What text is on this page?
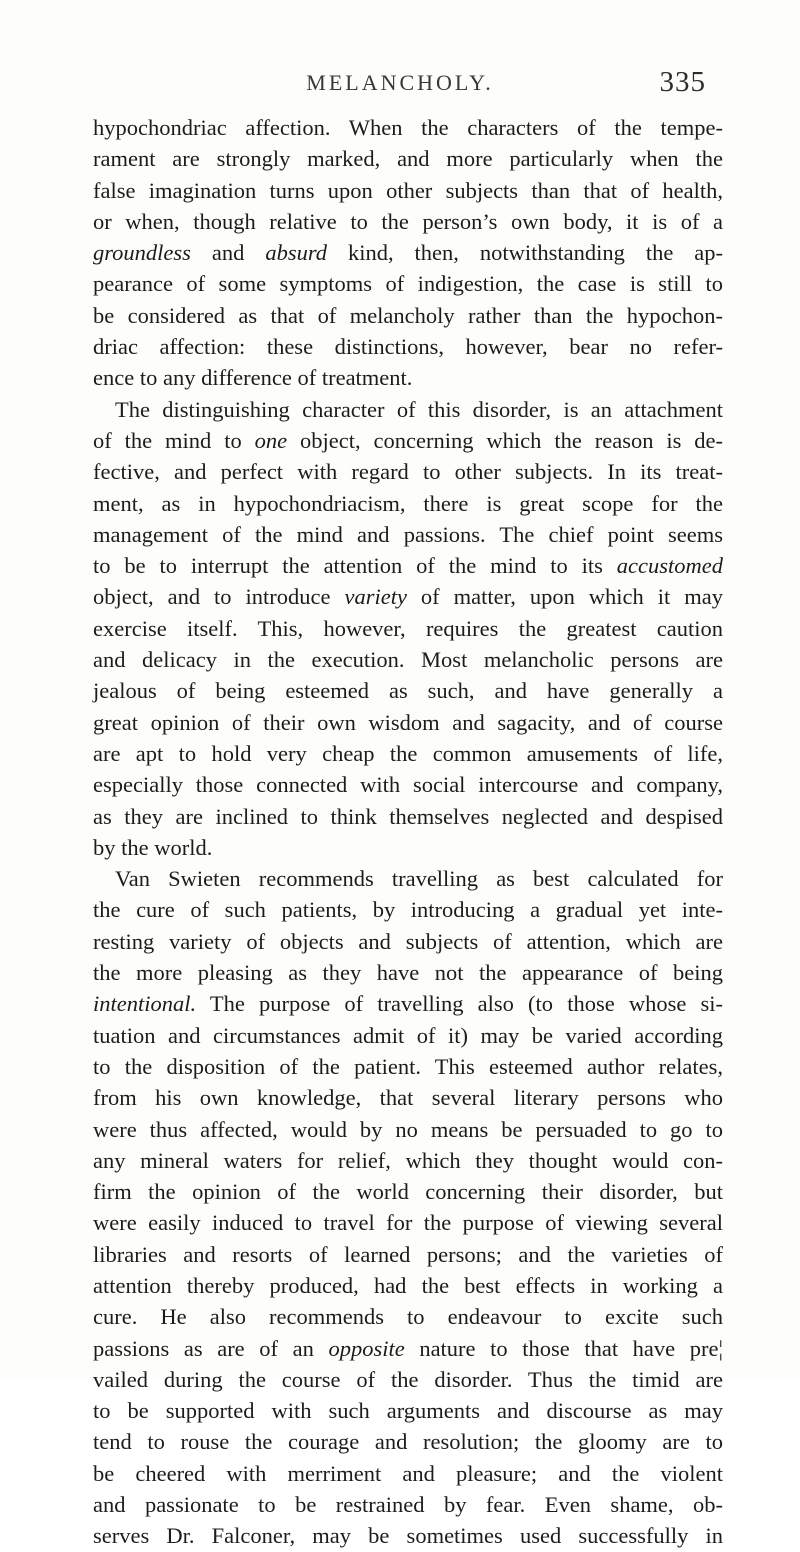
MELANCHOLY.	335
hypochondriac affection. When the characters of the tempe-
rament are strongly marked, and more particularly when the
false imagination turns upon other subjects than that of health,
or when, though relative to the person’s own body, it is of a
groundless and absurd kind, then, notwithstanding the ap-
pearance of some symptoms of indigestion, the case is still to
be considered as that of melancholy rather than the hypochon-
driac affection: these distinctions, however, bear no refer-
ence to any difference of treatment.
The distinguishing character of this disorder, is an attachment
of the mind to one object, concerning which the reason is de-
fective, and perfect with regard to other subjects. In its treat-
ment, as in hypochondriacism, there is great scope for the
management of the mind and passions. The chief point seems
to be to interrupt the attention of the mind to its accustomed
object, and to introduce variety of matter, upon which it may
exercise itself. This, however, requires the greatest caution
and delicacy in the execution. Most melancholic persons are
jealous of being esteemed as such, and have generally a
great opinion of their own wisdom and sagacity, and of course
are apt to hold very cheap the common amusements of life,
especially those connected with social intercourse and company,
as they are inclined to think themselves neglected and despised
by the world.
Van Swieten recommends travelling as best calculated for
the cure of such patients, by introducing a gradual yet inte-
resting variety of objects and subjects of attention, which are
the more pleasing as they have not the appearance of being
intentional. The purpose of travelling also (to those whose si-
tuation and circumstances admit of it) may be varied according
to the disposition of the patient. This esteemed author relates,
from his own knowledge, that several literary persons who
were thus affected, would by no means be persuaded to go to
any mineral waters for relief, which they thought would con-
firm the opinion of the world concerning their disorder, but
were easily induced to travel for the purpose of viewing several
libraries and resorts of learned persons; and the varieties of
attention thereby produced, had the best effects in working a
cure. He also recommends to endeavour to excite such
passions as are of an opposite nature to those that have pre¦
vailed during the course of the disorder. Thus the timid are
to be supported with such arguments and discourse as may
tend to rouse the courage and resolution; the gloomy are to
be cheered with merriment and pleasure; and the violent
and passionate to be restrained by fear. Even shame, ob-
serves Dr. Falconer, may be sometimes used successfully in
